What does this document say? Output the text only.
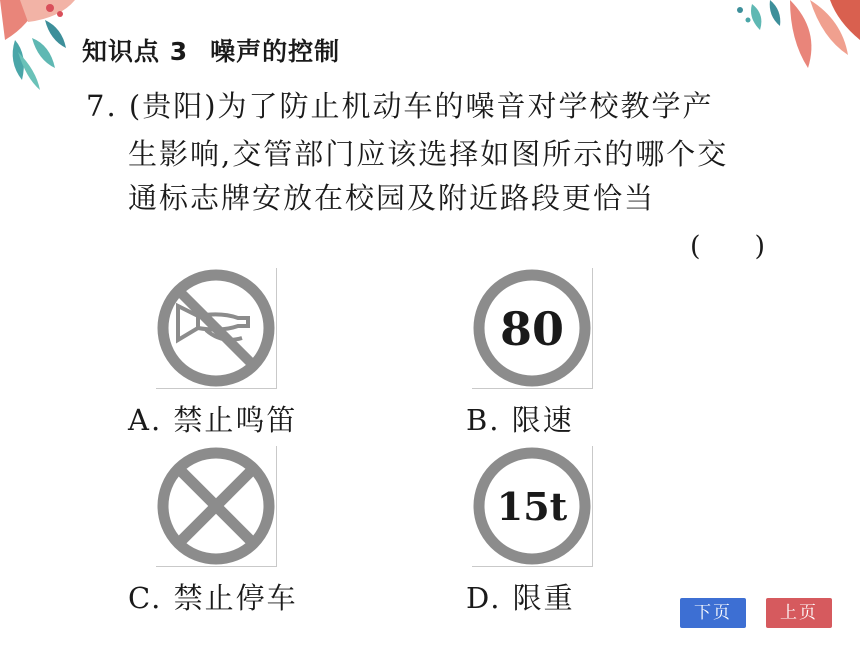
知识点 3 噪声的控制
7. (贵阳)为了防止机动车的噪音对学校教学产
生影响,交管部门应该选择如图所示的哪个交
通标志牌安放在校园及附近路段更恰当
(　　)
A. 禁止鸣笛
80
B. 限速
C. 禁止停车
15t
D. 限重	下页	上页
